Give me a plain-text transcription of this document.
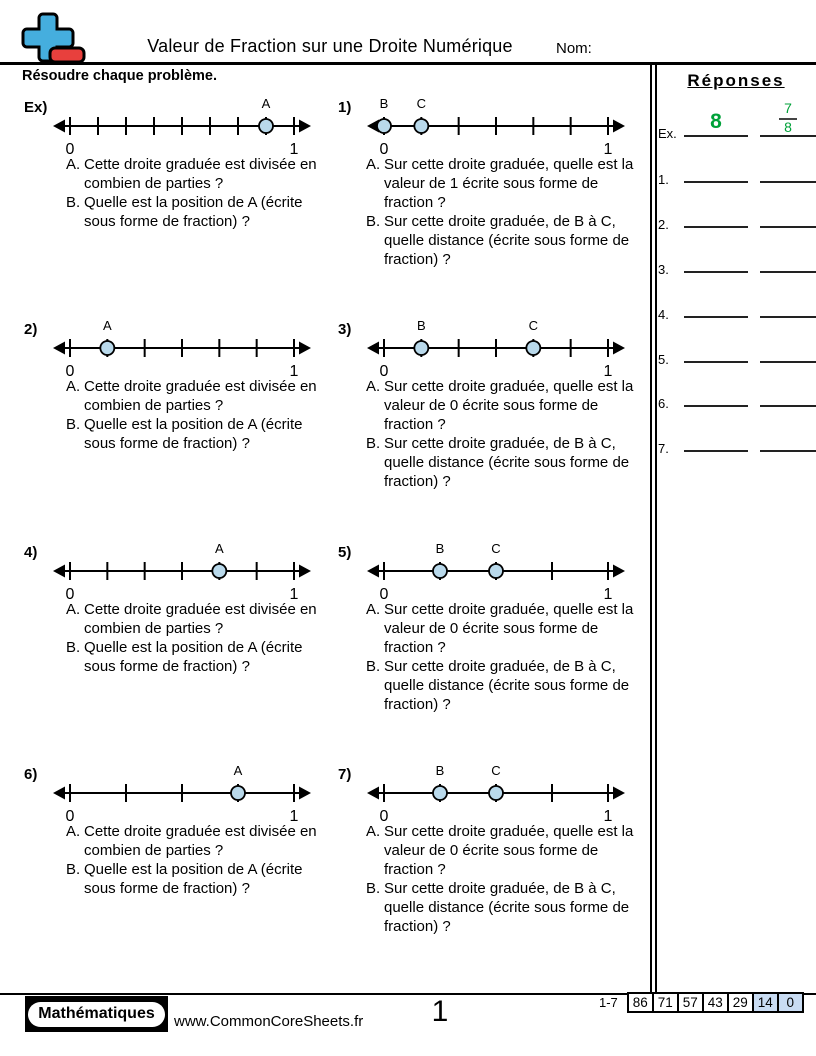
Valeur de Fraction sur une Droite Numérique	Nom:
Résoudre chaque problème.	Réponses
Ex.
8	$\frac{7}{8}$
1.
2.
3.
4.
5.
6.
7.
Ex)
0	1
A
A. Cette droite graduée est divisée en combien de parties ?
B. Quelle est la position de A (écrite sous forme de fraction) ?
1)
0	1
B C
A. Sur cette droite graduée, quelle est la valeur de 1 écrite sous forme de fraction ?
B. Sur cette droite graduée, de B à C, quelle distance (écrite sous forme de fraction) ?
2)
0	1
A
A. Cette droite graduée est divisée en combien de parties ?
B. Quelle est la position de A (écrite sous forme de fraction) ?
3)
0	1
B	C
A. Sur cette droite graduée, quelle est la valeur de 0 écrite sous forme de fraction ?
B. Sur cette droite graduée, de B à C, quelle distance (écrite sous forme de fraction) ?
4)
0	1
A
A. Cette droite graduée est divisée en combien de parties ?
B. Quelle est la position de A (écrite sous forme de fraction) ?
5)
0	1
B	C
A. Sur cette droite graduée, quelle est la valeur de 0 écrite sous forme de fraction ?
B. Sur cette droite graduée, de B à C, quelle distance (écrite sous forme de fraction) ?
6)
0	1
A
A. Cette droite graduée est divisée en combien de parties ?
B. Quelle est la position de A (écrite sous forme de fraction) ?
7)
0	1
B	C
A. Sur cette droite graduée, quelle est la valeur de 0 écrite sous forme de fraction ?
B. Sur cette droite graduée, de B à C, quelle distance (écrite sous forme de fraction) ?
Mathématiques	www.CommonCoreSheets.fr	1	1-7	86 71 57 43 29 14	0
